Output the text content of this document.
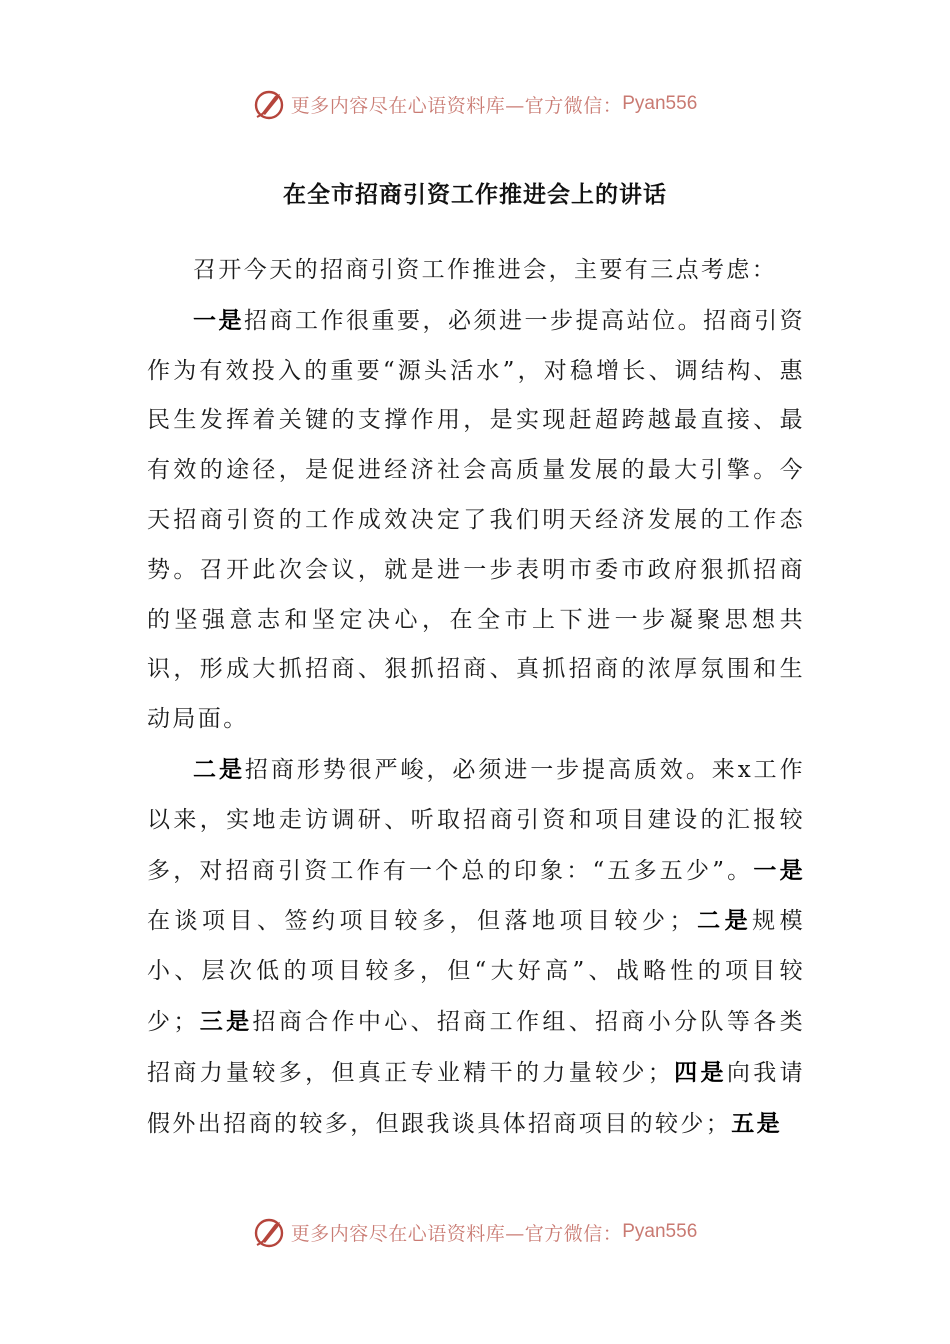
更多内容尽在心语资料库—官方微信： Pyan556
在全市招商引资工作推进会上的讲话

召开今天的招商引资工作推进会，主要有三点考虑：

一是招商工作很重要，必须进一步提高站位。招商引资作为有效投入的重要“源头活水”，对稳增长、调结构、惠民生发挥着关键的支撑作用，是实现赶超跨越最直接、最有效的途径，是促进经济社会高质量发展的最大引擎。今天招商引资的工作成效决定了我们明天经济发展的工作态势。召开此次会议，就是进一步表明市委市政府狠抓招商的坚强意志和坚定决心，在全市上下进一步凝聚思想共识，形成大抓招商、狠抓招商、真抓招商的浓厚氛围和生动局面。

二是招商形势很严峻，必须进一步提高质效。来x工作以来，实地走访调研、听取招商引资和项目建设的汇报较多，对招商引资工作有一个总的印象：“五多五少”。一是在谈项目、签约项目较多，但落地项目较少；二是规模小、层次低的项目较多，但“大好高”、战略性的项目较少；三是招商合作中心、招商工作组、招商小分队等各类招商力量较多，但真正专业精干的力量较少；四是向我请假外出招商的较多，但跟我谈具体招商项目的较少；五是

更多内容尽在心语资料库—官方微信： Pyan556
